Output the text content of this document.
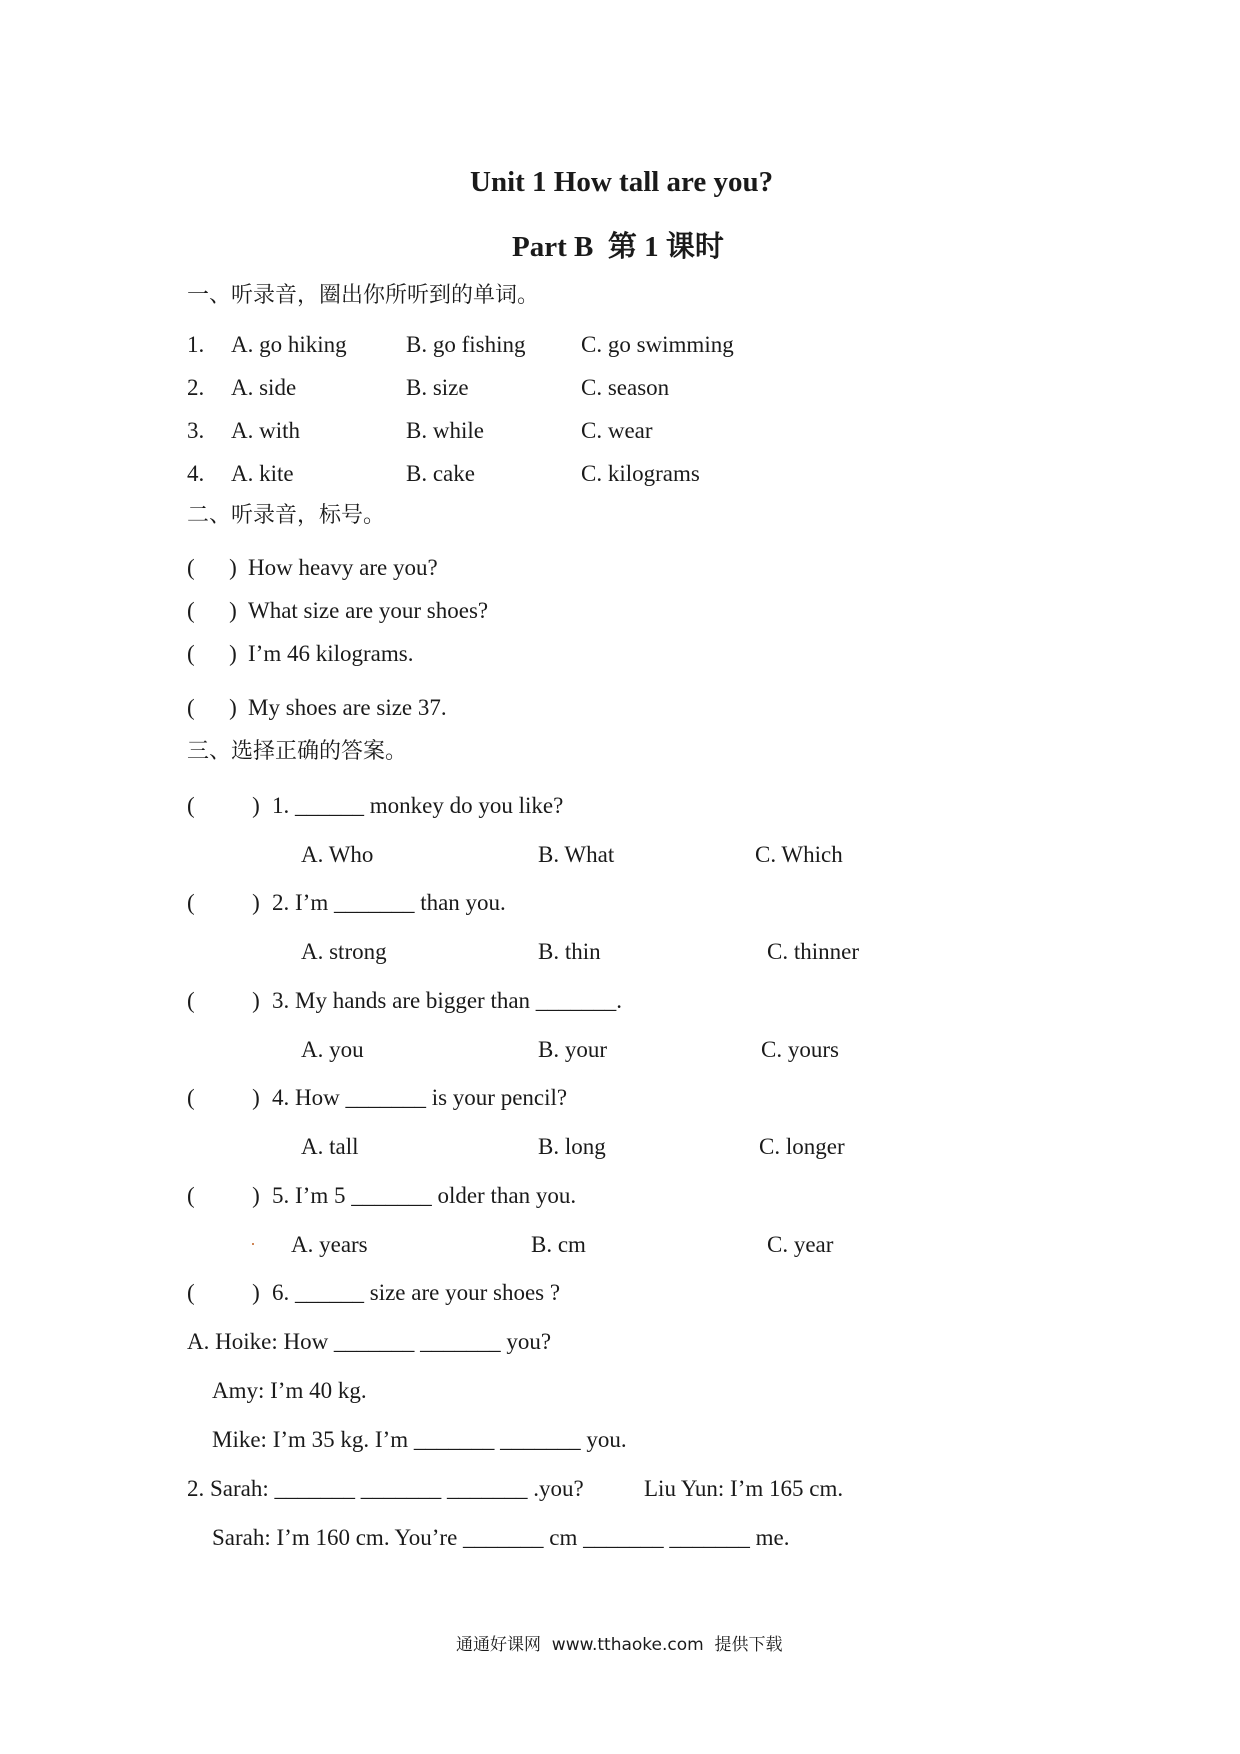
Unit 1 How tall are you?
Part B  第 1 课时
一、听录音，圈出你所听到的单词。
1. A. go hiking	B. go fishing C. go swimming
2. A. side	B. size	C. season
3. A. with	B. while	C. wear
4. A. kite	B. cake	C. kilograms
二、听录音，标号。
(      ) How heavy are you?
(      ) What size are your shoes?
(      ) I’m 46 kilograms.
(      ) My shoes are size 37.
三、选择正确的答案。
(          ) 1. ______ monkey do you like?
A. Who	B. What	C. Which
(          ) 2. I’m _______ than you.
A. strong	B. thin	C. thinner
(          ) 3. My hands are bigger than _______.
A. you	B. your	C. yours
(          ) 4. How _______ is your pencil?
A. tall	B. long	C. longer
(          ) 5. I’m 5 _______ older than you.
A. years	B. cm	C. year
(          ) 6. ______ size are your shoes ?
A. Hoike: How _______ _______ you?
Amy: I’m 40 kg.
Mike: I’m 35 kg. I’m _______ _______ you.
2. Sarah: _______ _______ _______ .you?	Liu Yun: I’m 165 cm.
Sarah: I’m 160 cm. You’re _______ cm _______ _______ me.
通通好课网  www.tthaoke.com  提供下载
